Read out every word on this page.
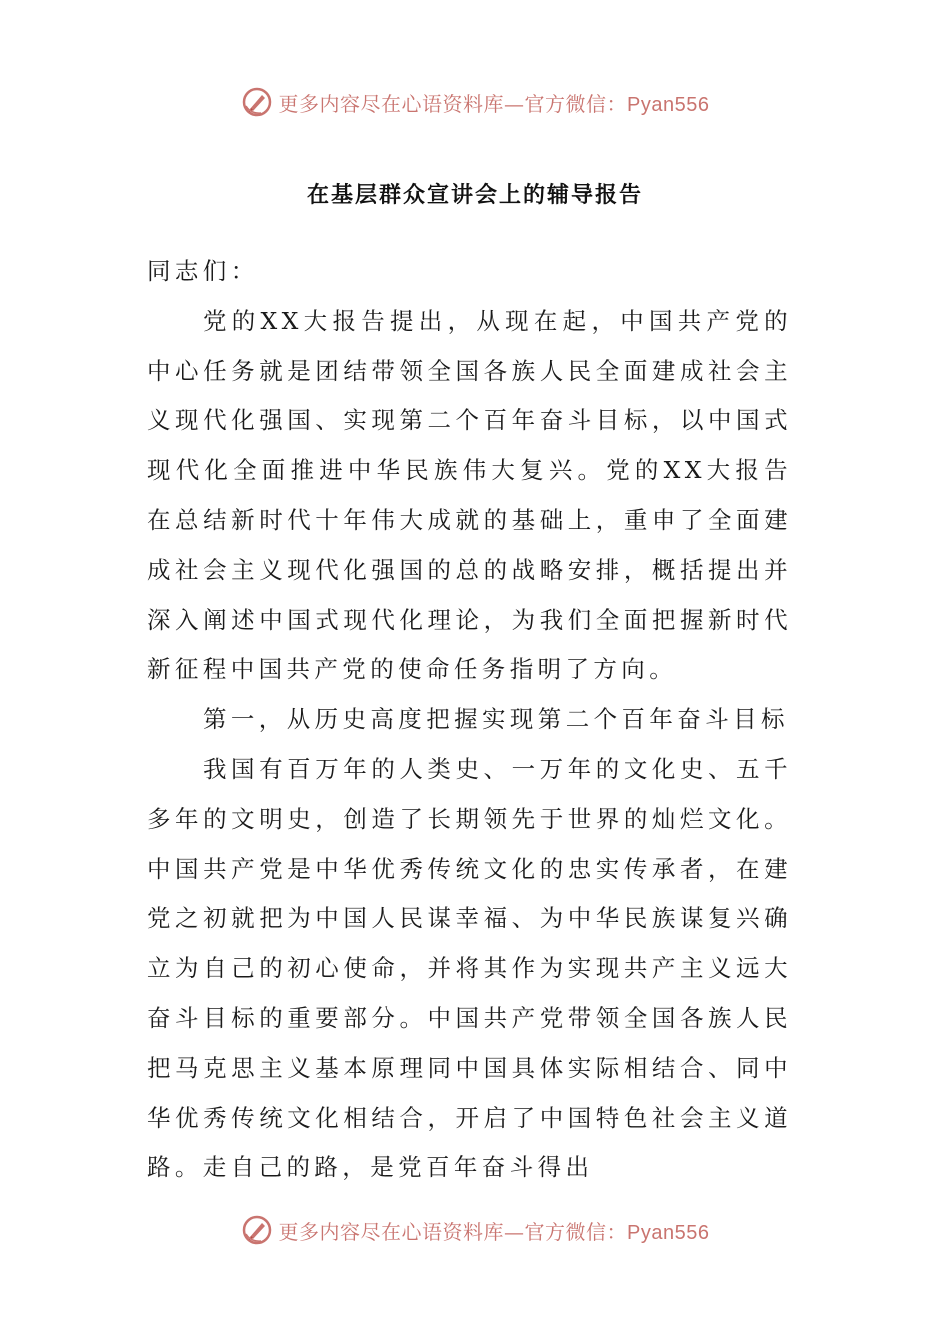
更多内容尽在心语资料库—官方微信：Pyan556
在基层群众宣讲会上的辅导报告

同志们：

党的XX大报告提出，从现在起，中国共产党的中心任务就是团结带领全国各族人民全面建成社会主义现代化强国、实现第二个百年奋斗目标，以中国式现代化全面推进中华民族伟大复兴。党的XX大报告在总结新时代十年伟大成就的基础上，重申了全面建成社会主义现代化强国的总的战略安排，概括提出并深入阐述中国式现代化理论，为我们全面把握新时代新征程中国共产党的使命任务指明了方向。

第一，从历史高度把握实现第二个百年奋斗目标

我国有百万年的人类史、一万年的文化史、五千多年的文明史，创造了长期领先于世界的灿烂文化。中国共产党是中华优秀传统文化的忠实传承者，在建党之初就把为中国人民谋幸福、为中华民族谋复兴确立为自己的初心使命，并将其作为实现共产主义远大奋斗目标的重要部分。中国共产党带领全国各族人民把马克思主义基本原理同中国具体实际相结合、同中华优秀传统文化相结合，开启了中国特色社会主义道路。走自己的路，是党百年奋斗得出

更多内容尽在心语资料库—官方微信：Pyan556
